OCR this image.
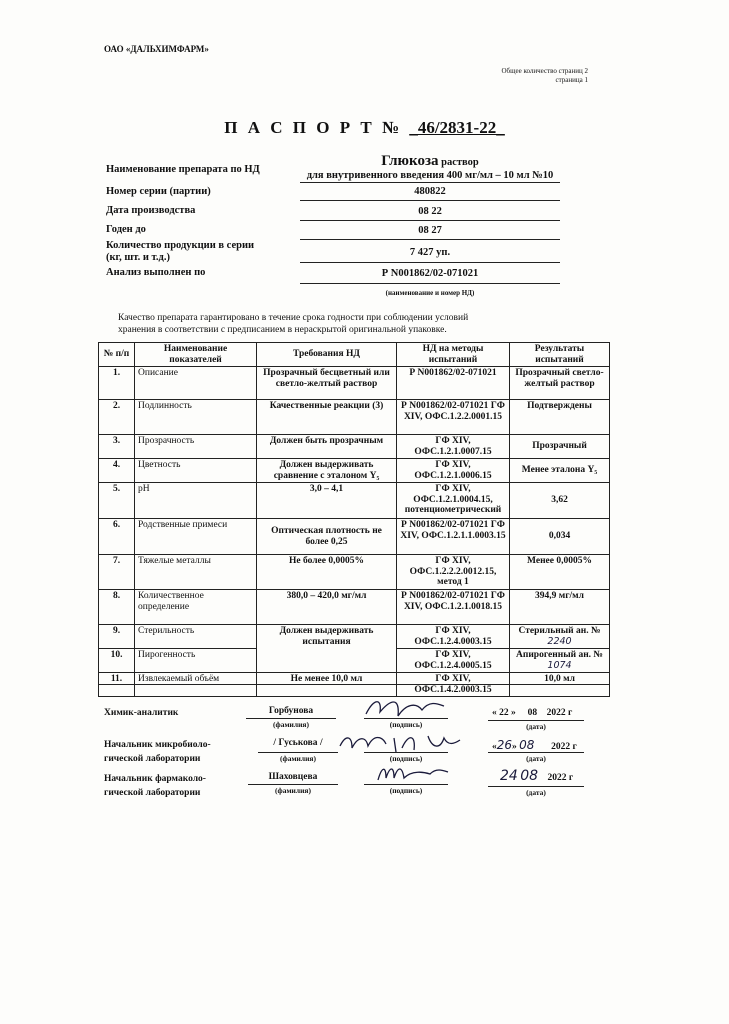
ОАО «ДАЛЬХИМФАРМ»
Общее количество страниц 2
страница 1
П А С П О Р Т № _46/2831-22_
Наименование препарата по НД
Глюкоза раствор
для внутривенного введения 400 мг/мл – 10 мл №10
Номер серии (партии)	480822
Дата производства	08 22
Годен до	08 27
Количество продукции в серии
(кг, шт. и т.д.)	7 427 уп.
Анализ выполнен по	Р N001862/02-071021
(наименование и номер НД)
Качество препарата гарантировано в течение срока годности при соблюдении условий
хранения в соответствии с предписанием в нераскрытой оригинальной упаковке.
№ п/п	Наименование показателей	Требования НД	НД на методы испытаний	Результаты испытаний
1.	Описание	Прозрачный бесцветный или светло-желтый раствор	Р N001862/02-071021	Прозрачный светло-желтый раствор
2.	Подлинность	Качественные реакции (3)	Р N001862/02-071021 ГФ XIV, ОФС.1.2.2.0001.15	Подтверждены
3.	Прозрачность	Должен быть прозрачным	ГФ XIV, ОФС.1.2.1.0007.15	Прозрачный
4.	Цветность	Должен выдерживать сравнение с эталоном Y₅	ГФ XIV, ОФС.1.2.1.0006.15	Менее эталона Y₅
5.	pH	3,0 – 4,1	ГФ XIV, ОФС.1.2.1.0004.15, потенциометрический	3,62
6.	Родственные примеси	Оптическая плотность не более 0,25	Р N001862/02-071021 ГФ XIV, ОФС.1.2.1.1.0003.15	0,034
7.	Тяжелые металлы	Не более 0,0005%	ГФ XIV, ОФС.1.2.2.2.0012.15, метод 1	Менее 0,0005%
8.	Количественное определение	380,0 – 420,0 мг/мл	Р N001862/02-071021 ГФ XIV, ОФС.1.2.1.0018.15	394,9 мг/мл
9.	Стерильность	Должен выдерживать испытания	ГФ XIV, ОФС.1.2.4.0003.15	Стерильный ан. № 2240
10.	Пирогенность		ГФ XIV, ОФС.1.2.4.0005.15	Апирогенный ан. № 1074
11.	Извлекаемый объём	Не менее 10,0 мл	ГФ XIV, ОФС.1.4.2.0003.15	10,0 мл
Химик-аналитик	Горбунова
(фамилия)	(подпись)
« 22 » 08 2022 г
(дата)
Начальник микробиоло-
гической лаборатории
/ Гуськова /
(фамилия)	(подпись)
«26» 08 2022 г
(дата)
Начальник фармаколо-
гической лаборатории
Шаховцева
(фамилия)	(подпись)
24 08 2022 г
(дата)
